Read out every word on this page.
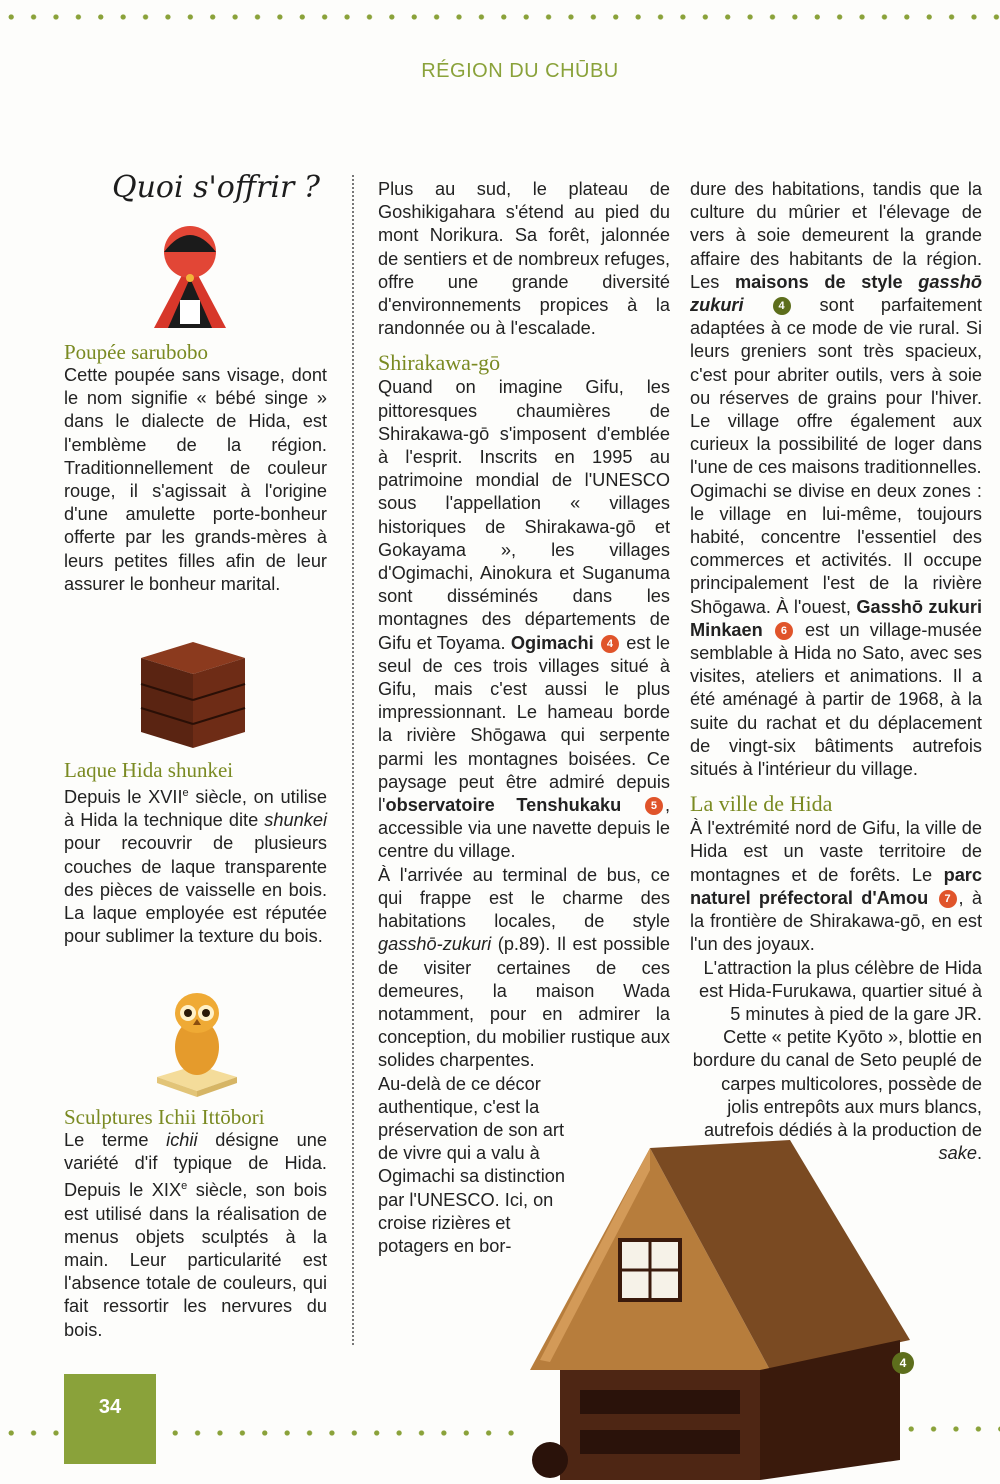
RÉGION DU CHŪBU
Quoi s'offrir ?

Poupée sarubobo

Cette poupée sans visage, dont le nom signifie « bébé singe » dans le dialecte de Hida, est l'emblème de la région. Traditionnellement de couleur rouge, il s'agissait à l'origine d'une amulette porte-bonheur offerte par les grands-mères à leurs petites filles afin de leur assurer le bonheur marital.

Laque Hida shunkei

Depuis le XVIIe siècle, on utilise à Hida la technique dite shunkei pour recouvrir de plusieurs couches de laque transparente des pièces de vaisselle en bois. La laque employée est réputée pour sublimer la texture du bois.

Sculptures Ichii Ittōbori

Le terme ichii désigne une variété d'if typique de Hida. Depuis le XIXe siècle, son bois est utilisé dans la réalisation de menus objets sculptés à la main. Leur particularité est l'absence totale de couleurs, qui fait ressortir les nervures du bois.

Plus au sud, le plateau de Goshikigahara s'étend au pied du mont Norikura. Sa forêt, jalonnée de sentiers et de nombreux refuges, offre une grande diversité d'environnements propices à la randonnée ou à l'escalade.

Shirakawa-gō

Quand on imagine Gifu, les pittoresques chaumières de Shirakawa-gō s'imposent d'emblée à l'esprit. Inscrits en 1995 au patrimoine mondial de l'UNESCO sous l'appellation « villages historiques de Shirakawa-gō et Gokayama », les villages d'Ogimachi, Ainokura et Suganuma sont disséminés dans les montagnes des départements de Gifu et Toyama. Ogimachi 4 est le seul de ces trois villages situé à Gifu, mais c'est aussi le plus impressionnant. Le hameau borde la rivière Shōgawa qui serpente parmi les montagnes boisées. Ce paysage peut être admiré depuis l'observatoire Tenshukaku	5 , accessible via une navette depuis le centre du village.

À l'arrivée au terminal de bus, ce qui frappe est le charme des habitations locales, de style gasshō-zukuri (p.89). Il est possible de visiter certaines de ces demeures, la maison Wada notamment, pour en admirer la conception, du mobilier rustique aux solides charpentes.

Au-delà de ce décor authentique, c'est la préservation de son art de vivre qui a valu à Ogimachi sa distinction par l'UNESCO. Ici, on croise rizières et potagers en bor-

dure des habitations, tandis que la culture du mûrier et l'élevage de vers à soie demeurent la grande affaire des habitants de la région. Les maisons de style gasshō zukuri	4 sont parfaitement adaptées à ce mode de vie rural. Si leurs greniers sont très spacieux, c'est pour abriter outils, vers à soie ou réserves de grains pour l'hiver. Le village offre également aux curieux la possibilité de loger dans l'une de ces maisons traditionnelles.

Ogimachi se divise en deux zones : le village en lui-même, toujours habité, concentre l'essentiel des commerces et activités. Il occupe principalement l'est de la rivière Shōgawa. À l'ouest, Gasshō zukuri Minkaen 6 est un village-musée semblable à Hida no Sato, avec ses visites, ateliers et animations. Il a été aménagé à partir de 1968, à la suite du rachat et du déplacement de vingt-six bâtiments autrefois situés à l'intérieur du village.

La ville de Hida

À l'extrémité nord de Gifu, la ville de Hida est un vaste territoire de montagnes et de forêts. Le parc naturel préfectoral d'Amou 7 , à la frontière de Shirakawa-gō, en est l'un des joyaux.

L'attraction la plus célèbre de Hida est Hida-Furukawa, quartier situé à 5 minutes à pied de la gare JR. Cette « petite Kyōto », blottie en bordure du canal de Seto peuplé de carpes multicolores, possède de jolis entrepôts aux murs blancs, autrefois dédiés à la production de sake.

4
34
